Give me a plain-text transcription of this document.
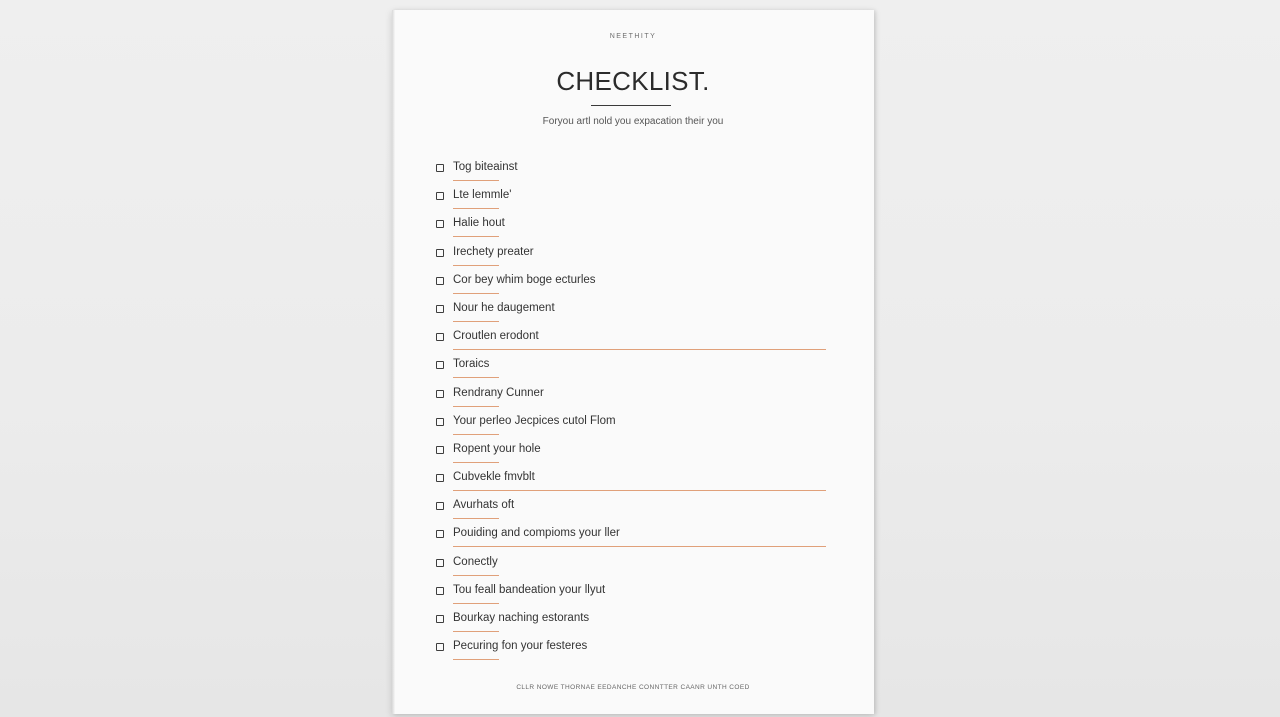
NEETHITY
CHECKLIST.
Foryou artl nold you expacation their you
Tog biteainst
Lte lemmle'
Halie hout
Irechety preater
Cor bey whim boge ecturles
Nour he daugement
Croutlen erodont
Toraics
Rendrany Cunner
Your perleo Jecpices cutol Flom
Ropent your hole
Cubvekle fmvblt
Avurhats oft
Pouiding and compioms your ller
Conectly
Tou feall bandeation your llyut
Bourkay naching estorants
Pecuring fon your festeres
CLLR NOWE THORNAE EEDANCHE CONNTTER CAANR UNTH COED
